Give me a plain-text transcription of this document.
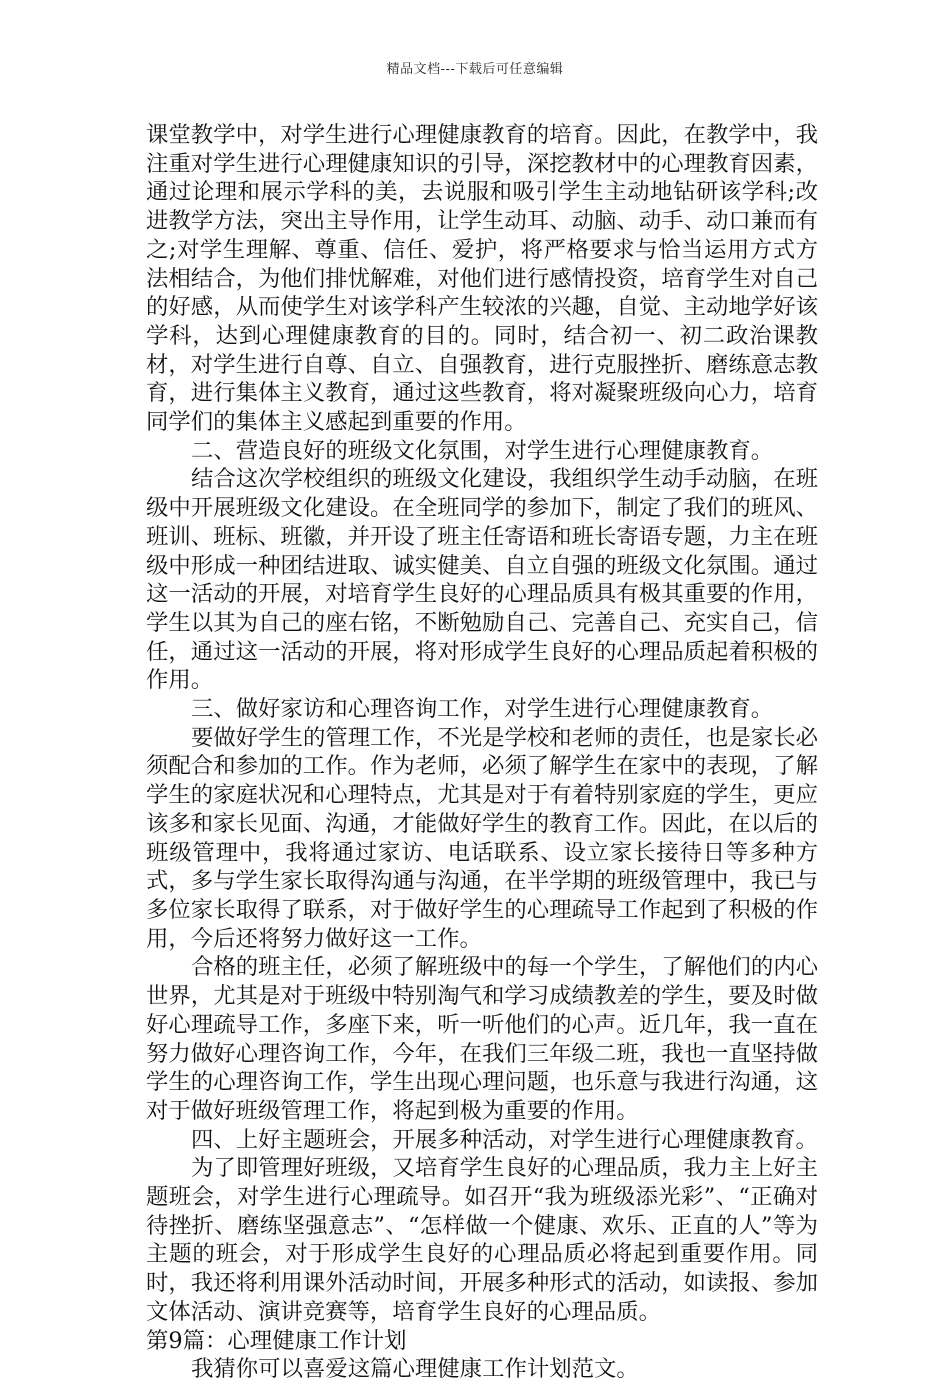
精品文档---下载后可任意编辑

课堂教学中，对学生进行心理健康教育的培育。因此，在教学中，我注重对学生进行心理健康知识的引导，深挖教材中的心理教育因素，通过论理和展示学科的美，去说服和吸引学生主动地钻研该学科;改进教学方法，突出主导作用，让学生动耳、动脑、动手、动口兼而有之;对学生理解、尊重、信任、爱护，将严格要求与恰当运用方式方法相结合，为他们排忧解难，对他们进行感情投资，培育学生对自己的好感，从而使学生对该学科产生较浓的兴趣，自觉、主动地学好该学科，达到心理健康教育的目的。同时，结合初一、初二政治课教材，对学生进行自尊、自立、自强教育，进行克服挫折、磨练意志教育，进行集体主义教育，通过这些教育，将对凝聚班级向心力，培育同学们的集体主义感起到重要的作用。

二、营造良好的班级文化氛围，对学生进行心理健康教育。

结合这次学校组织的班级文化建设，我组织学生动手动脑，在班级中开展班级文化建设。在全班同学的参加下，制定了我们的班风、班训、班标、班徽，并开设了班主任寄语和班长寄语专题，力主在班级中形成一种团结进取、诚实健美、自立自强的班级文化氛围。通过这一活动的开展，对培育学生良好的心理品质具有极其重要的作用，学生以其为自己的座右铭，不断勉励自己、完善自己、充实自己，信任，通过这一活动的开展，将对形成学生良好的心理品质起着积极的作用。

三、做好家访和心理咨询工作，对学生进行心理健康教育。

要做好学生的管理工作，不光是学校和老师的责任，也是家长必须配合和参加的工作。作为老师，必须了解学生在家中的表现，了解学生的家庭状况和心理特点，尤其是对于有着特别家庭的学生，更应该多和家长见面、沟通，才能做好学生的教育工作。因此，在以后的班级管理中，我将通过家访、电话联系、设立家长接待日等多种方式，多与学生家长取得沟通与沟通，在半学期的班级管理中，我已与多位家长取得了联系，对于做好学生的心理疏导工作起到了积极的作用，今后还将努力做好这一工作。

合格的班主任，必须了解班级中的每一个学生，了解他们的内心世界，尤其是对于班级中特别淘气和学习成绩教差的学生，要及时做好心理疏导工作，多座下来，听一听他们的心声。近几年，我一直在努力做好心理咨询工作，今年，在我们三年级二班，我也一直坚持做学生的心理咨询工作，学生出现心理问题，也乐意与我进行沟通，这对于做好班级管理工作，将起到极为重要的作用。

四、上好主题班会，开展多种活动，对学生进行心理健康教育。

为了即管理好班级，又培育学生良好的心理品质，我力主上好主题班会，对学生进行心理疏导。如召开“我为班级添光彩”、“正确对待挫折、磨练坚强意志”、“怎样做一个健康、欢乐、正直的人”等为主题的班会，对于形成学生良好的心理品质必将起到重要作用。同时，我还将利用课外活动时间，开展多种形式的活动，如读报、参加文体活动、演讲竞赛等，培育学生良好的心理品质。

第9篇：心理健康工作计划

我猜你可以喜爱这篇心理健康工作计划范文。
